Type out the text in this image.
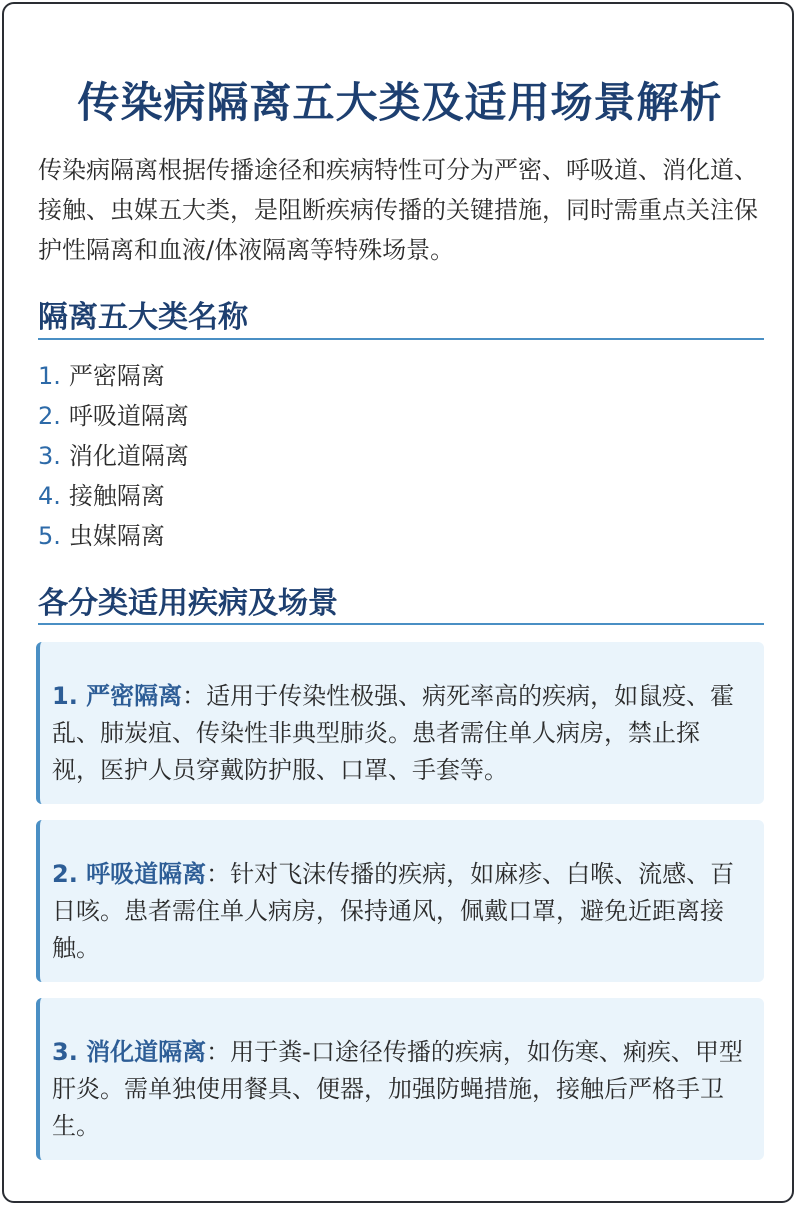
传染病隔离五大类及适用场景解析
传染病隔离根据传播途径和疾病特性可分为严密、呼吸道、消化道、接触、虫媒五大类，是阻断疾病传播的关键措施，同时需重点关注保护性隔离和血液/体液隔离等特殊场景。
隔离五大类名称
1. 严密隔离
2. 呼吸道隔离
3. 消化道隔离
4. 接触隔离
5. 虫媒隔离
各分类适用疾病及场景

1. 严密隔离：适用于传染性极强、病死率高的疾病，如鼠疫、霍乱、肺炭疽、传染性非典型肺炎。患者需住单人病房，禁止探视，医护人员穿戴防护服、口罩、手套等。

2. 呼吸道隔离：针对飞沫传播的疾病，如麻疹、白喉、流感、百日咳。患者需住单人病房，保持通风，佩戴口罩，避免近距离接触。

3. 消化道隔离：用于粪-口途径传播的疾病，如伤寒、痢疾、甲型肝炎。需单独使用餐具、便器，加强防蝇措施，接触后严格手卫生。
